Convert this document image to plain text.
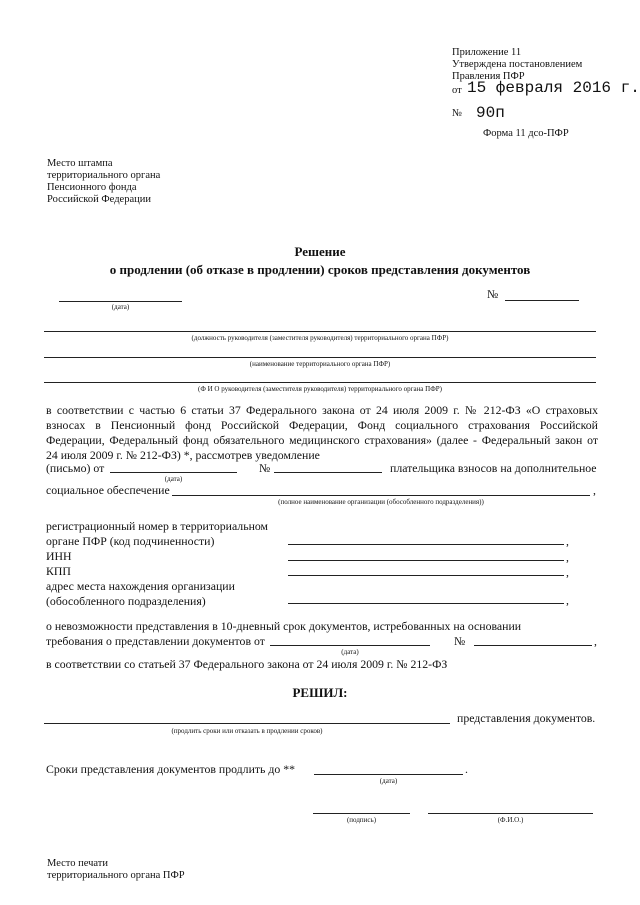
Приложение 11
Утверждена постановлением
Правления ПФР
от 15 февраля 2016 г.
№ 90п
Форма 11 дсо-ПФР
Место штампа
территориального органа
Пенсионного фонда
Российской Федерации
Решение
о продлении (об отказе в продлении) сроков представления документов
(дата)
№
(должность руководителя (заместителя руководителя) территориального органа ПФР)
(наименование территориального органа ПФР)
(Ф И О руководителя (заместителя руководителя) территориального органа ПФР)
в соответствии с частью 6 статьи 37 Федерального закона от 24 июля 2009 г. № 212-ФЗ «О страховых
взносах в Пенсионный фонд Российской Федерации, Фонд социального страхования Российской
Федерации, Федеральный фонд обязательного медицинского страхования» (далее - Федеральный закон от
24 июля 2009 г. № 212-ФЗ) *, рассмотрев уведомление
(письмо) от	№	плательщика взносов на дополнительное
(дата)
социальное обеспечение	,
(полное наименование организации (обособленного подразделения))
регистрационный номер в территориальном
органе ПФР (код подчиненности)	,
ИНН	,
КПП	,
адрес места нахождения организации
(обособленного подразделения)	,
о невозможности представления в 10-дневный срок документов, истребованных на основании
требования о представлении документов от	№	,
(дата)
в соответствии со статьей 37 Федерального закона от 24 июля 2009 г. № 212-ФЗ
РЕШИЛ:
представления документов.
(продлить сроки или отказать в продлении сроков)
Сроки представления документов продлить до **	.
(дата)
(подпись)	(Ф.И.О.)
Место печати
территориального органа ПФР
